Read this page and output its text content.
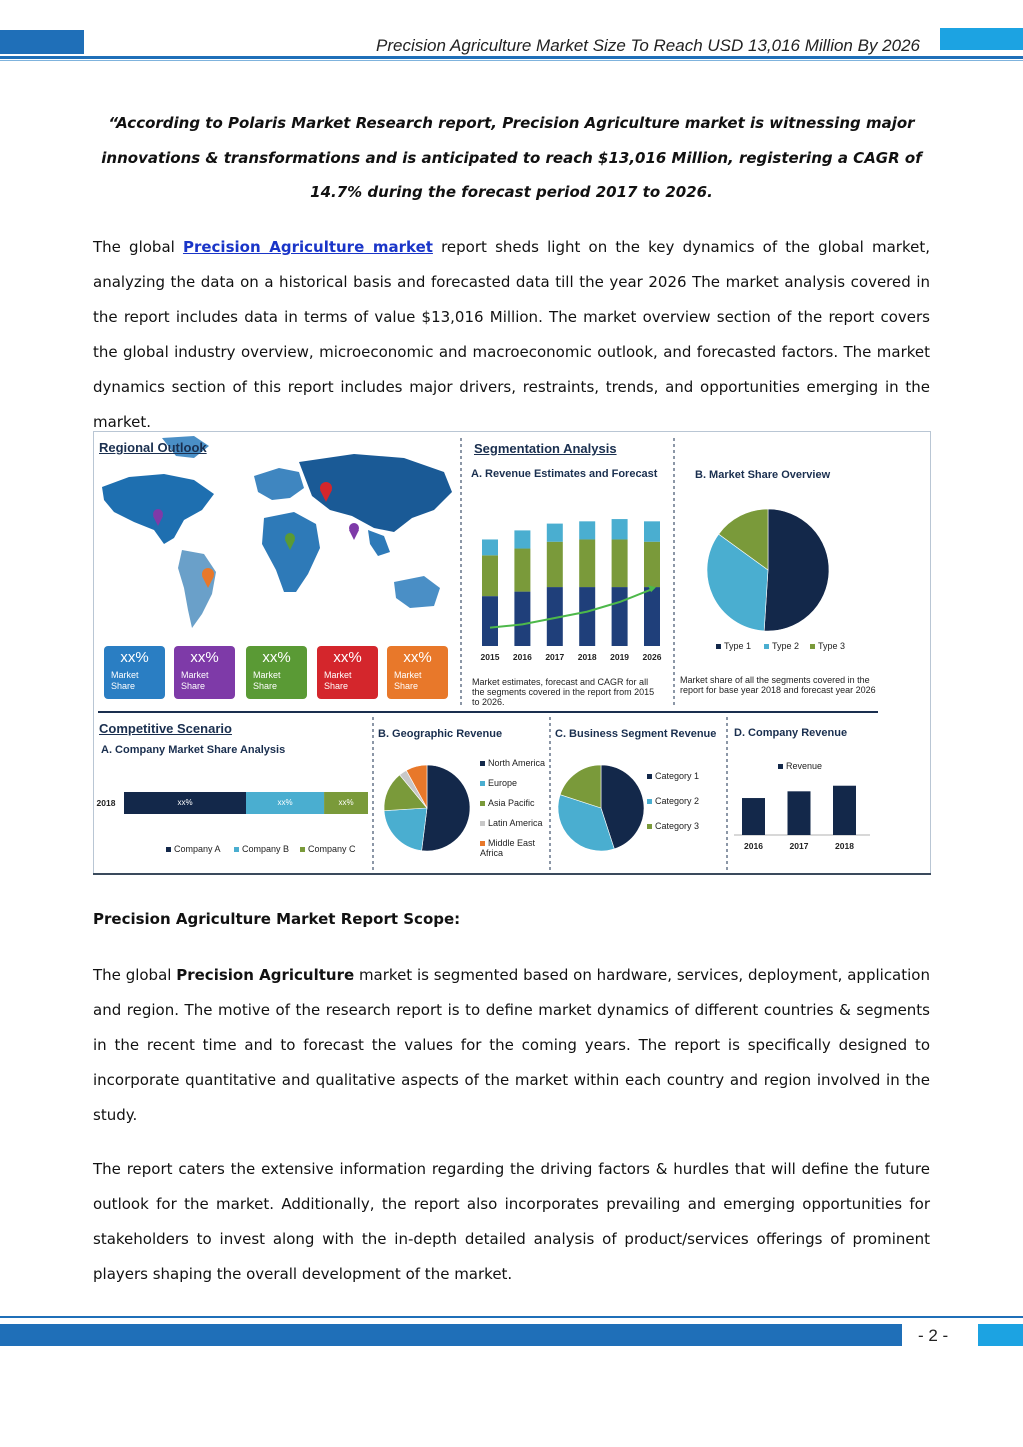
Precision Agriculture Market Size To Reach USD 13,016 Million By 2026
“According to Polaris Market Research report, Precision Agriculture market is witnessing major innovations & transformations and is anticipated to reach $13,016 Million, registering a CAGR of 14.7% during the forecast period 2017 to 2026.
The global Precision Agriculture market report sheds light on the key dynamics of the global market, analyzing the data on a historical basis and forecasted data till the year 2026 The market analysis covered in the report includes data in terms of value $13,016 Million. The market overview section of the report covers the global industry overview, microeconomic and macroeconomic outlook, and forecasted factors. The market dynamics section of this report includes major drivers, restraints, trends, and opportunities emerging in the market.
Regional Outlook
xx%
Market
Share
xx%
Market
Share
xx%
Market
Share
xx%
Market
Share
xx%
Market
Share
Segmentation Analysis
A. Revenue Estimates and Forecast
Market estimates, forecast and CAGR for all the segments covered in the report from 2015 to 2026.
B. Market Share Overview
Market share of all the segments covered in the report for base year 2018 and forecast year 2026
Competitive Scenario
A. Company Market Share Analysis
B. Geographic Revenue	C. Business Segment Revenue D. Company Revenue
2015	2016	2017	2018	2019	2026
Type 1	Type 2	Type 3
xx%	xx%	xx%
2018
Company A	Company B	Company C
North America
Europe
Asia Pacific
Latin America
Middle East Africa
Category 1
Category 2
Category 3
2016	2017	2018
Revenue
Precision Agriculture Market Report Scope:
The global Precision Agriculture market is segmented based on hardware, services, deployment, application and region. The motive of the research report is to define market dynamics of different countries & segments in the recent time and to forecast the values for the coming years. The report is specifically designed to incorporate quantitative and qualitative aspects of the market within each country and region involved in the study.
The report caters the extensive information regarding the driving factors & hurdles that will define the future outlook for the market. Additionally, the report also incorporates prevailing and emerging opportunities for stakeholders to invest along with the in-depth detailed analysis of product/services offerings of prominent players shaping the overall development of the market.
- 2 -
